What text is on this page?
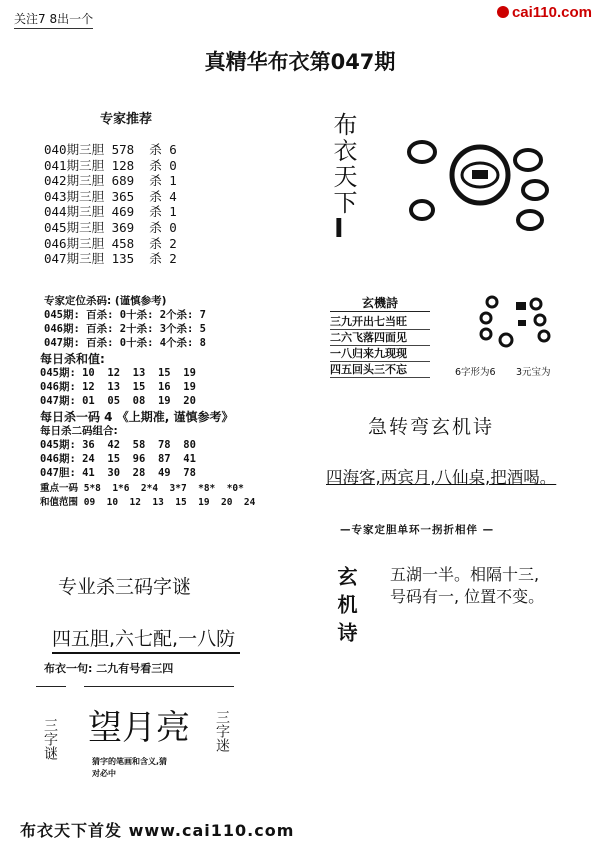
关注7 8出一个	cai110.com
真精华布衣第047期
专家推荐
040期三胆 578  杀 6
041期三胆 128  杀 0
042期三胆 689  杀 1
043期三胆 365  杀 4
044期三胆 469  杀 1
045期三胆 369  杀 0
046期三胆 458  杀 2
047期三胆 135  杀 2
专家定位杀码: (谨慎参考)
045期: 百杀: 0十杀: 2个杀: 7
046期: 百杀: 2十杀: 3个杀: 5
047期: 百杀: 0十杀: 4个杀: 8
每日杀和值:
045期: 10  12  13  15  19
046期: 12  13  15  16  19
047期: 01  05  08  19  20
每日杀一码 4 《上期准, 谨慎参考》
每日杀二码组合:
045期: 36  42  58  78  80
046期: 24  15  96  87  41
047胆: 41  30  28  49  78
重点一码 5*8  1*6  2*4  3*7  *8*  *0*
和值范围 09  10  12  13  15  19  20  24
布衣天下
I
玄機詩
三九开出七当旺
二六飞落四面见
一八归来九现现
四五回头三不忘	6字形为6 3元宝为
急转弯玄机诗
四海客,两宾月,八仙桌,把酒喝。
—专家定胆单环一拐折相伴 —
玄机诗 五湖一半。相隔十三,
号码有一, 位置不变。
专业杀三码字谜
四五胆,六七配,一八防
布衣一句: 二九有号看三四
三字谜 望月亮
猜字的笔画和含义,猜
对必中
三字迷
布衣天下首发 www.cai110.com
